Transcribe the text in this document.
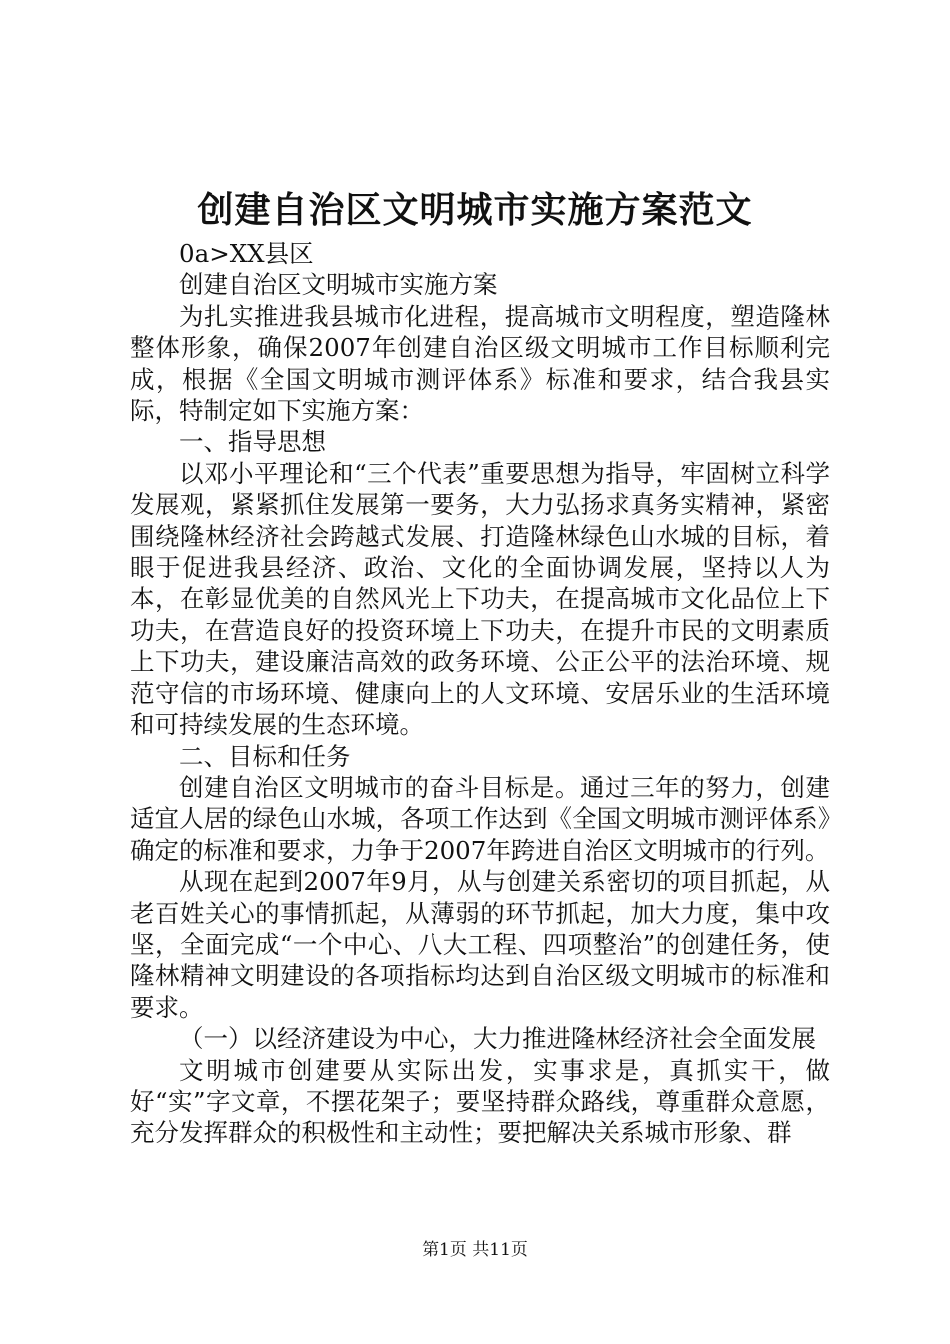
创建自治区文明城市实施方案范文

0a>XX县区

创建自治区文明城市实施方案

为扎实推进我县城市化进程，提高城市文明程度，塑造隆林整体形象，确保2007年创建自治区级文明城市工作目标顺利完成，根据《全国文明城市测评体系》标准和要求，结合我县实际，特制定如下实施方案：

一、指导思想

以邓小平理论和“三个代表”重要思想为指导，牢固树立科学发展观，紧紧抓住发展第一要务，大力弘扬求真务实精神，紧密围绕隆林经济社会跨越式发展、打造隆林绿色山水城的目标，着眼于促进我县经济、政治、文化的全面协调发展，坚持以人为本，在彰显优美的自然风光上下功夫，在提高城市文化品位上下功夫，在营造良好的投资环境上下功夫，在提升市民的文明素质上下功夫，建设廉洁高效的政务环境、公正公平的法治环境、规范守信的市场环境、健康向上的人文环境、安居乐业的生活环境和可持续发展的生态环境。

二、目标和任务

创建自治区文明城市的奋斗目标是。通过三年的努力，创建适宜人居的绿色山水城，各项工作达到《全国文明城市测评体系》确定的标准和要求，力争于2007年跨进自治区文明城市的行列。

从现在起到2007年9月，从与创建关系密切的项目抓起，从老百姓关心的事情抓起，从薄弱的环节抓起，加大力度，集中攻坚，全面完成“一个中心、八大工程、四项整治”的创建任务，使隆林精神文明建设的各项指标均达到自治区级文明城市的标准和要求。

（一）以经济建设为中心，大力推进隆林经济社会全面发展

文明城市创建要从实际出发，实事求是，真抓实干，做好“实”字文章，不摆花架子；要坚持群众路线，尊重群众意愿，充分发挥群众的积极性和主动性；要把解决关系城市形象、群

第1页 共11页
